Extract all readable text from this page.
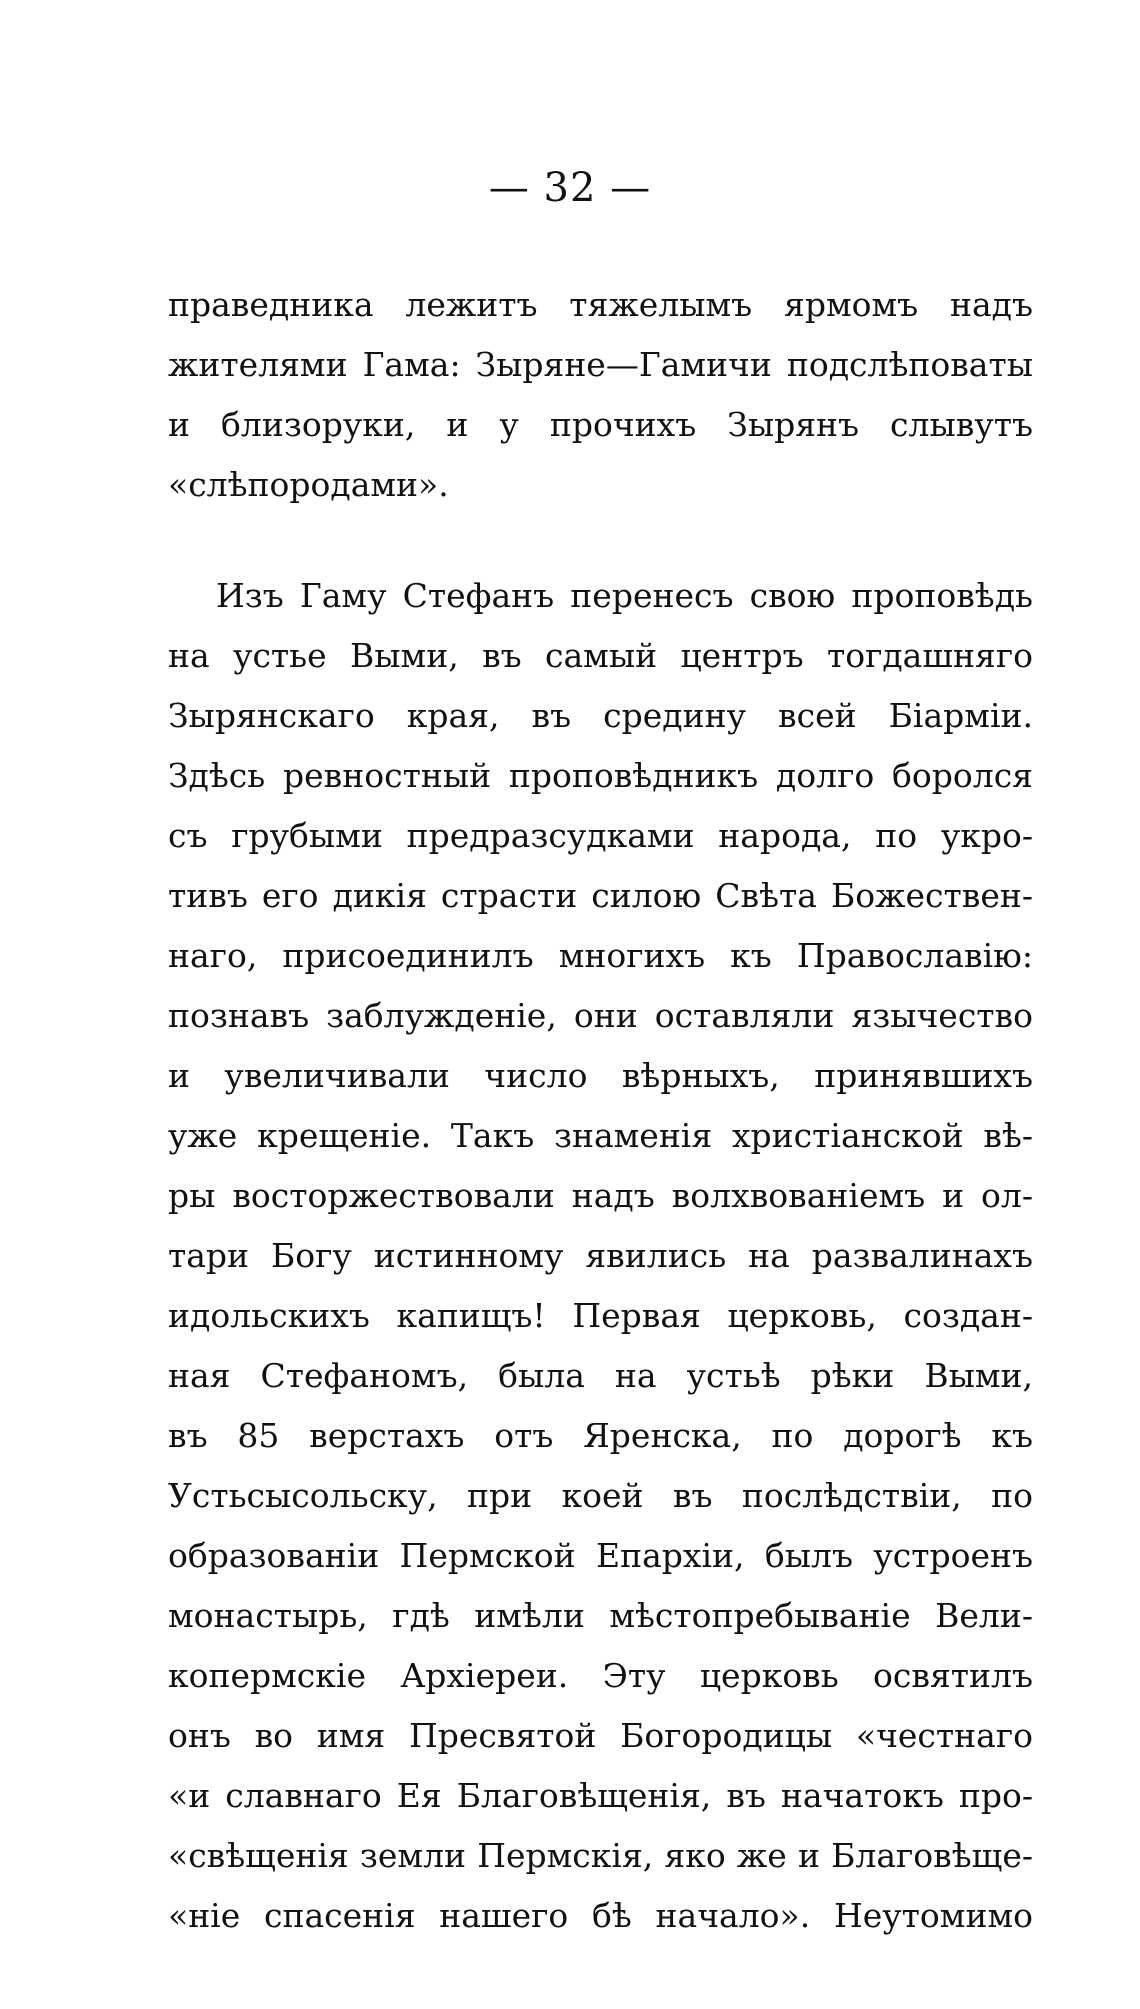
— 32 —
праведника лежитъ тяжелымъ ярмомъ надъ
жителями Гама: Зыряне—Гамичи подслѣповаты
и близоруки, и у прочихъ Зырянъ слывутъ
«слѣпородами».
Изъ Гаму Стефанъ перенесъ свою проповѣдь
на устье Выми, въ самый центръ тогдашняго
Зырянскаго края, въ средину всей Біарміи.
Здѣсь ревностный проповѣдникъ долго боролся
съ грубыми предразсудками народа, по укро-
тивъ его дикія страсти силою Свѣта Божествен-
наго, присоединилъ многихъ къ Православію:
познавъ заблужденіе, они оставляли язычество
и увеличивали число вѣрныхъ, принявшихъ
уже крещеніе. Такъ знаменія христіанской вѣ-
ры восторжествовали надъ волхвованіемъ и ол-
тари Богу истинному явились на развалинахъ
идольскихъ капищъ! Первая церковь, создан-
ная Стефаномъ, была на устьѣ рѣки Выми,
въ 85 верстахъ отъ Яренска, по дорогѣ къ
Устьсысольску, при коей въ послѣдствіи, по
образованіи Пермской Епархіи, былъ устроенъ
монастырь, гдѣ имѣли мѣстопребываніе Вели-
копермскіе Архіереи. Эту церковь освятилъ
онъ во имя Пресвятой Богородицы «честнаго
«и славнаго Ея Благовѣщенія, въ начатокъ про-
«свѣщенія земли Пермскія, яко же и Благовѣще-
«ніе спасенія нашего бѣ начало». Неутомимо
